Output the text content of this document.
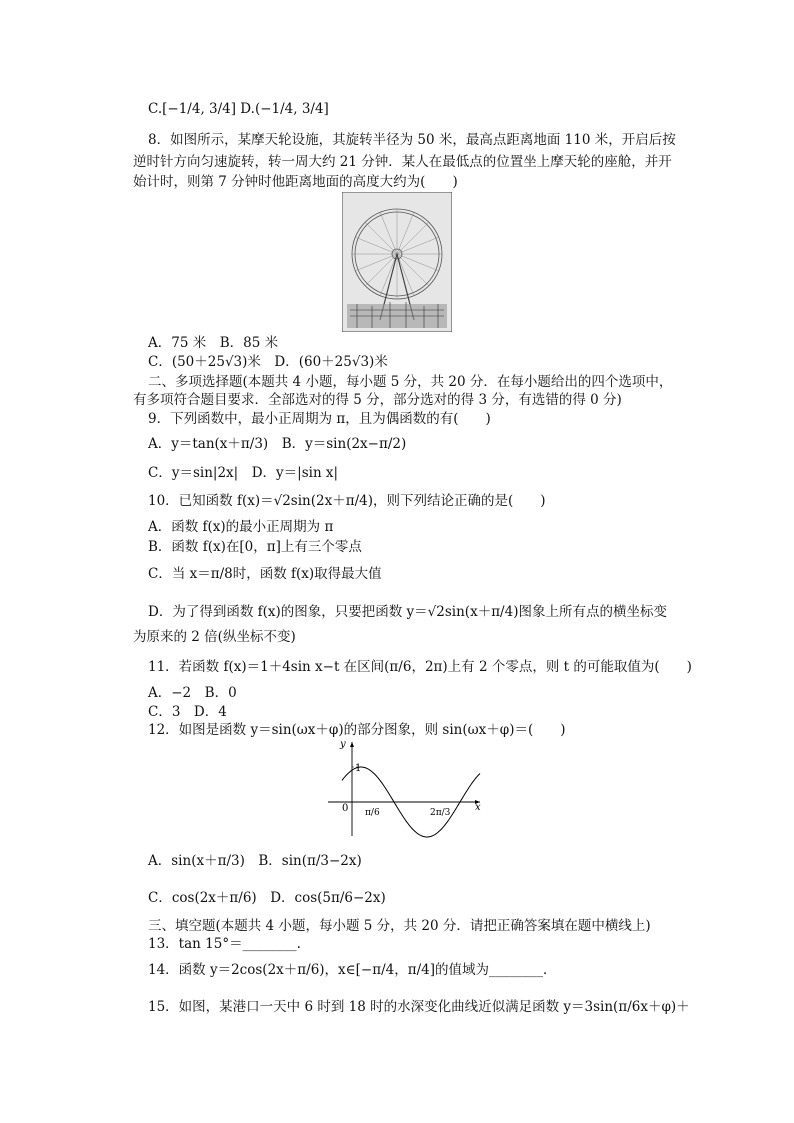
C.[−1/4, 3/4] D.(−1/4, 3/4]
8．如图所示，某摩天轮设施，其旋转半径为 50 米，最高点距离地面 110 米，开启后按
逆时针方向匀速旋转，转一周大约 21 分钟．某人在最低点的位置坐上摩天轮的座舱，并开
始计时，则第 7 分钟时他距离地面的高度大约为(　　)
A．75 米　B．85 米
C．(50＋25√3)米　D．(60＋25√3)米
二、多项选择题(本题共 4 小题，每小题 5 分，共 20 分．在每小题给出的四个选项中，
有多项符合题目要求．全部选对的得 5 分，部分选对的得 3 分，有选错的得 0 分)
9．下列函数中，最小正周期为 π，且为偶函数的有(　　)
A．y＝tan(x＋π/3)　B．y＝sin(2x−π/2)
C．y＝sin|2x|　D．y＝|sin x|
10．已知函数 f(x)＝√2sin(2x＋π/4)，则下列结论正确的是(　　)
A．函数 f(x)的最小正周期为 π
B．函数 f(x)在[0，π]上有三个零点
C．当 x＝π/8时，函数 f(x)取得最大值
D．为了得到函数 f(x)的图象，只要把函数 y＝√2sin(x＋π/4)图象上所有点的横坐标变
为原来的 2 倍(纵坐标不变)
11．若函数 f(x)＝1＋4sin x−t 在区间(π/6，2π)上有 2 个零点，则 t 的可能取值为(　　)
A．−2　B．0
C．3　D．4
12．如图是函数 y＝sin(ωx＋φ)的部分图象，则 sin(ωx＋φ)＝(　　)
y
x
1
0 π/6	2π/3
A．sin(x＋π/3)　B．sin(π/3−2x)
C．cos(2x＋π/6)　D．cos(5π/6−2x)
三、填空题(本题共 4 小题，每小题 5 分，共 20 分．请把正确答案填在题中横线上)
13．tan 15°＝________.
14．函数 y＝2cos(2x＋π/6)，x∈[−π/4，π/4]的值域为________．
15．如图，某港口一天中 6 时到 18 时的水深变化曲线近似满足函数 y＝3sin(π/6x＋φ)＋
